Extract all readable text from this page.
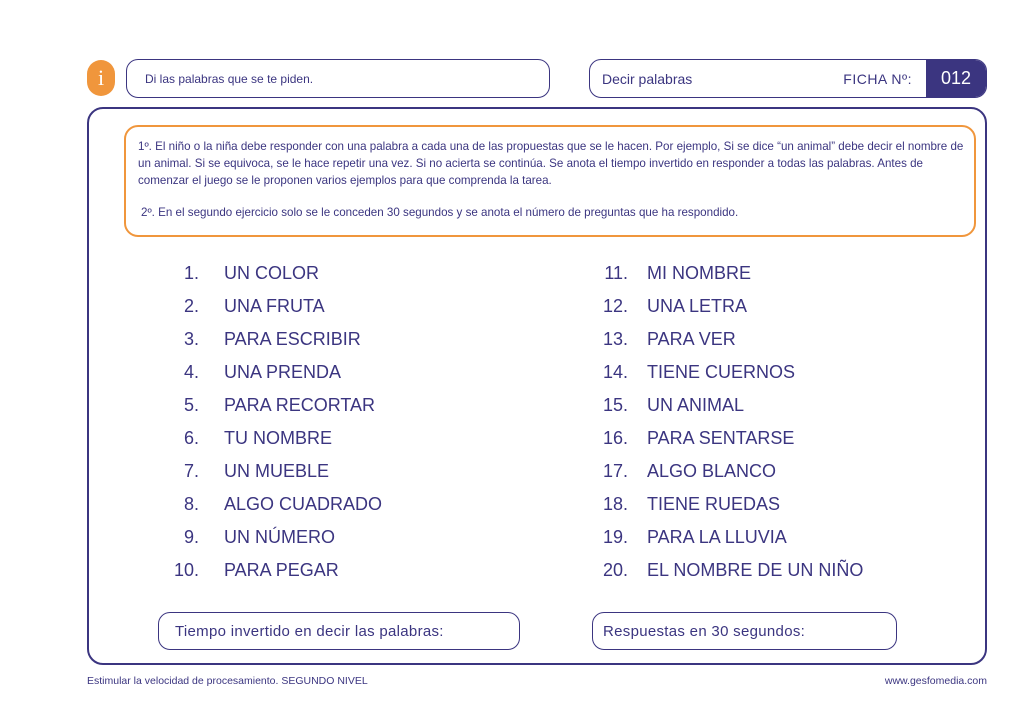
i	Di las palabras que se te piden.	Decir palabras	FICHA Nº:	012

1º. El niño o la niña debe responder con una palabra a cada una de las propuestas que se le hacen. Por ejemplo, Si se dice “un animal” debe decir el nombre de un animal. Si se equivoca, se le hace repetir una vez. Si no acierta se continúa. Se anota el tiempo invertido en responder a todas las palabras. Antes de comenzar el juego se le proponen varios ejemplos para que comprenda la tarea.

2º. En el segundo ejercicio solo se le conceden 30 segundos y se anota el número de preguntas que ha respondido.

1. UN COLOR
2. UNA FRUTA
3. PARA ESCRIBIR
4. UNA PRENDA
5. PARA RECORTAR
6. TU NOMBRE
7. UN MUEBLE
8. ALGO CUADRADO
9. UN NÚMERO
10. PARA PEGAR
11. MI NOMBRE
12. UNA LETRA
13. PARA VER
14. TIENE CUERNOS
15. UN ANIMAL
16. PARA SENTARSE
17. ALGO BLANCO
18. TIENE RUEDAS
19. PARA LA LLUVIA
20. EL NOMBRE DE UN NIÑO
Tiempo invertido en decir las palabras:	Respuestas en 30 segundos:
Estimular la velocidad de procesamiento. SEGUNDO NIVEL	www.gesfomedia.com
